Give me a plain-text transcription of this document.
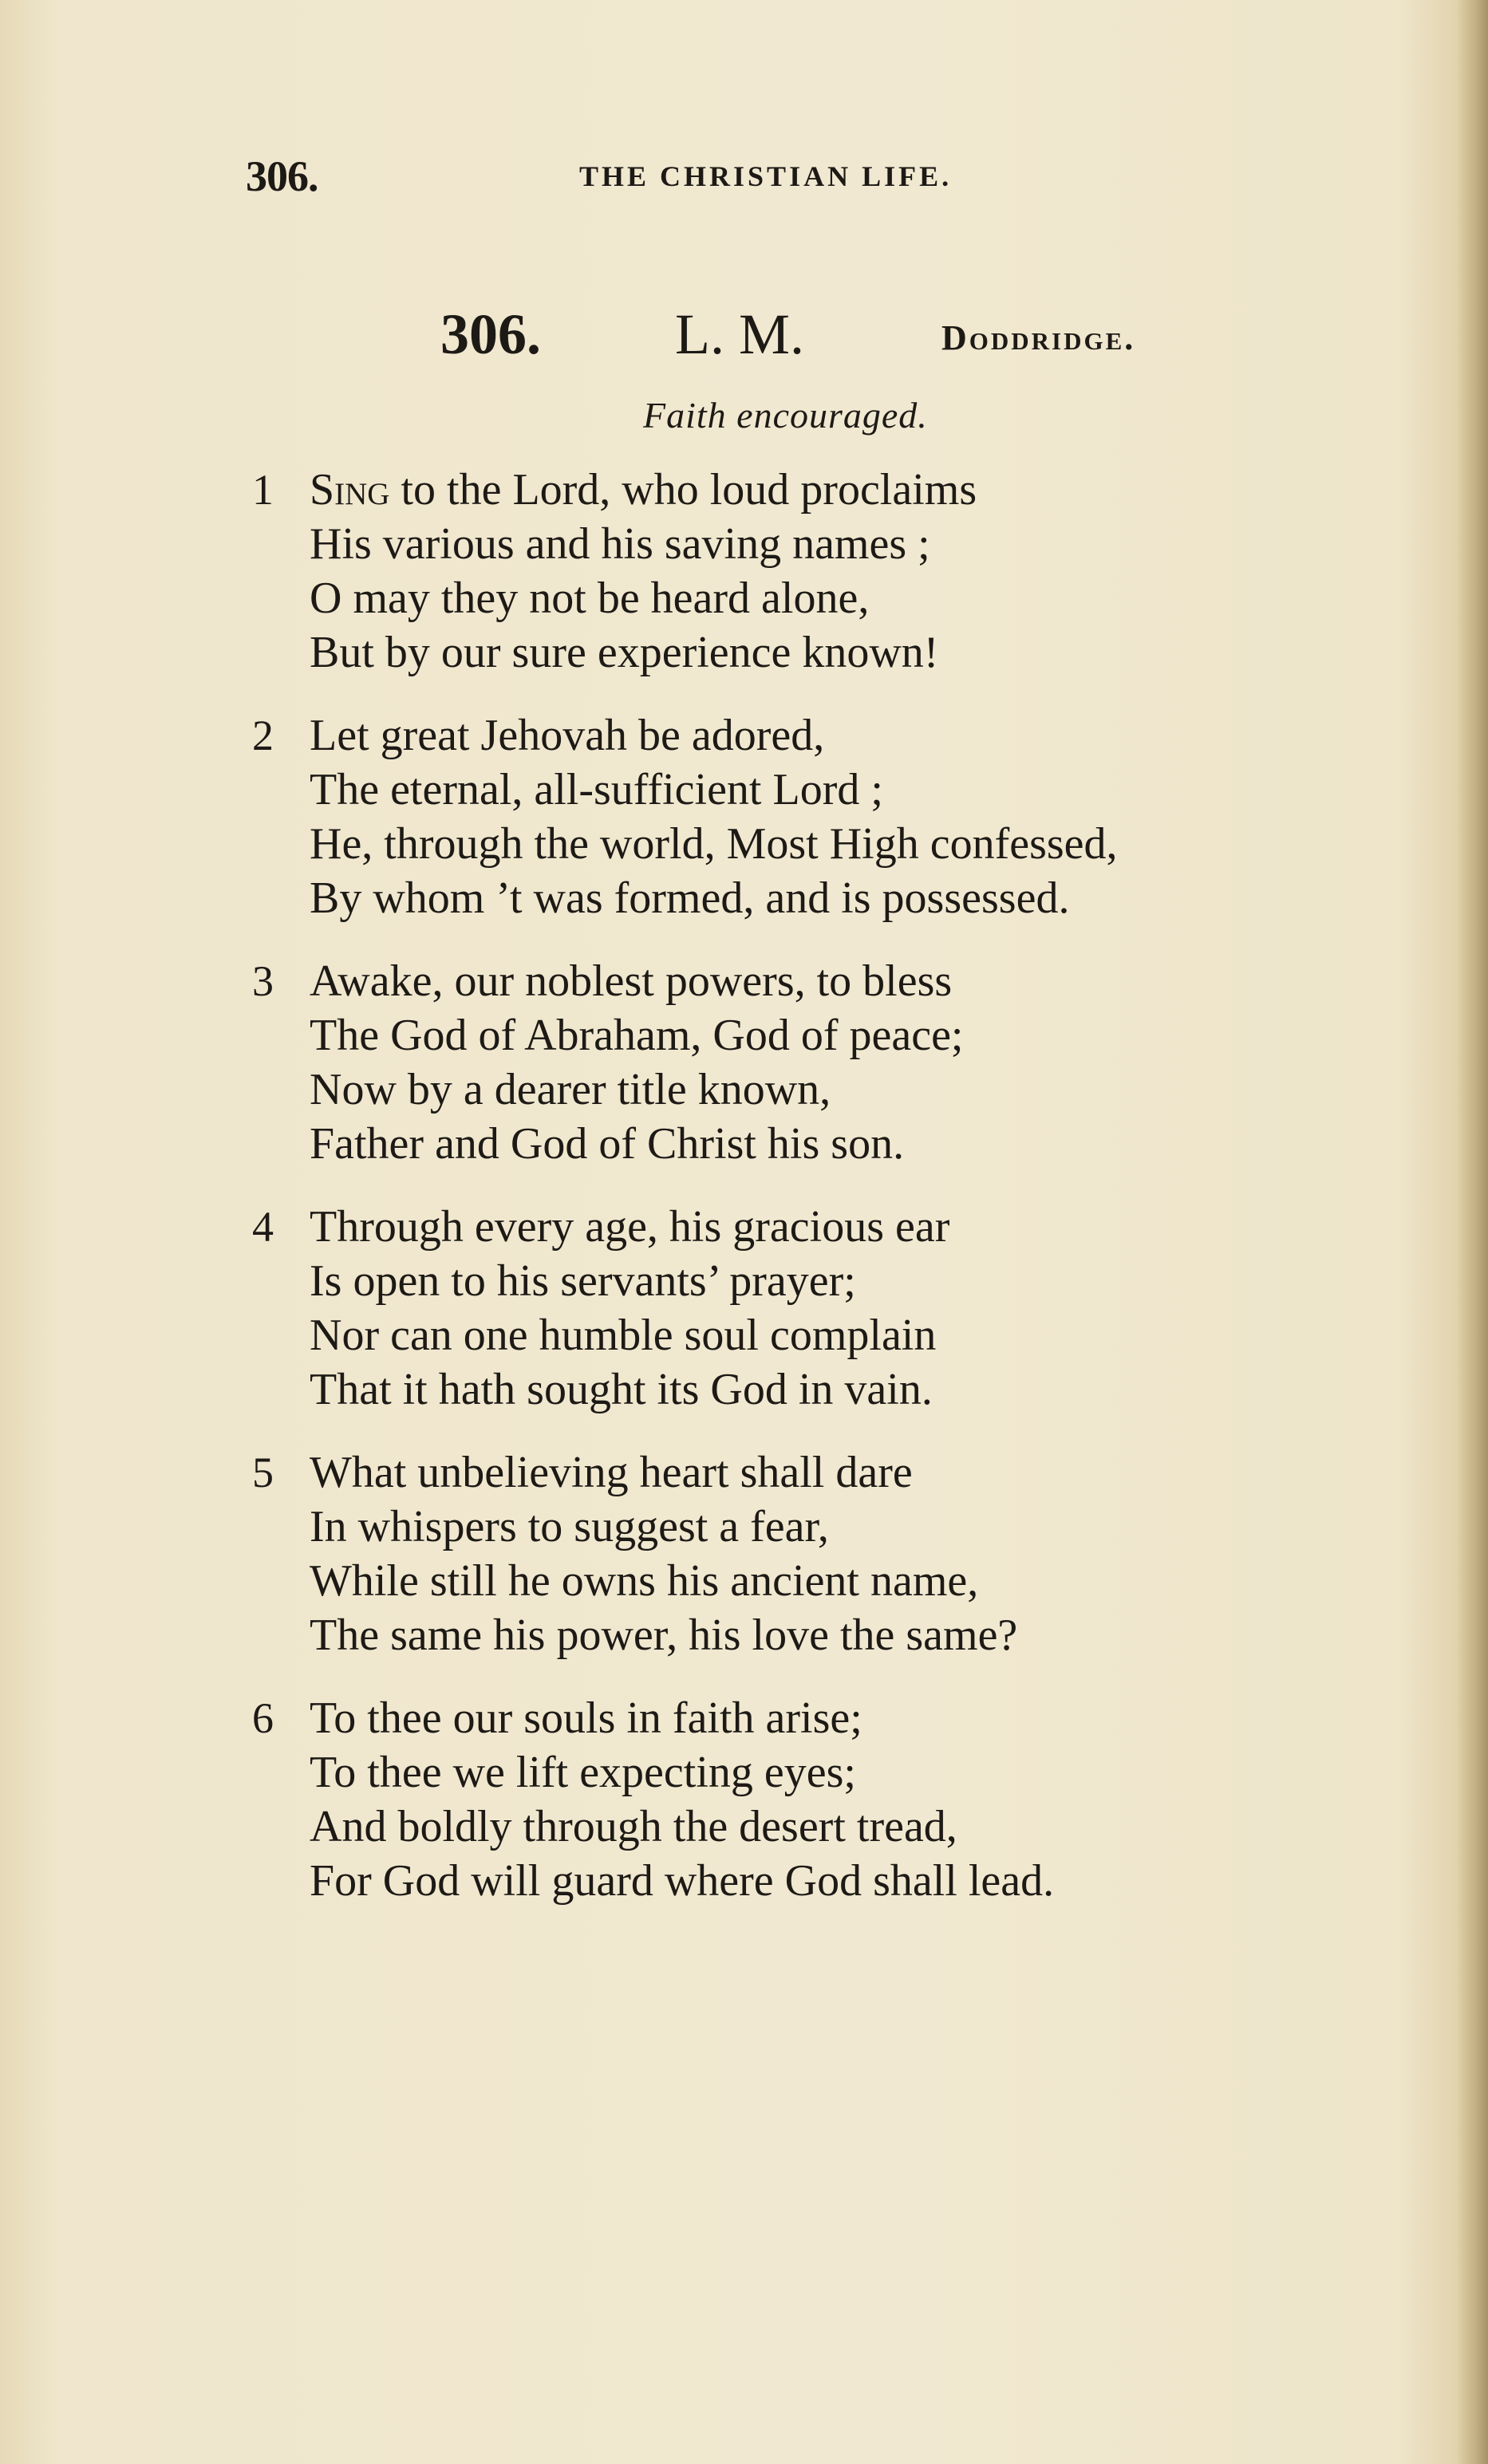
306.	THE CHRISTIAN LIFE.
306. L. M.	Doddridge.
Faith encouraged.
1 Sing to the Lord, who loud proclaims
His various and his saving names ;
O may they not be heard alone,
But by our sure experience known!
2 Let great Jehovah be adored,
The eternal, all-sufficient Lord ;
He, through the world, Most High confessed,
By whom ’t was formed, and is possessed.
3 Awake, our noblest powers, to bless
The God of Abraham, God of peace;
Now by a dearer title known,
Father and God of Christ his son.
4 Through every age, his gracious ear
Is open to his servants’ prayer;
Nor can one humble soul complain
That it hath sought its God in vain.
5 What unbelieving heart shall dare
In whispers to suggest a fear,
While still he owns his ancient name,
The same his power, his love the same?
6 To thee our souls in faith arise;
To thee we lift expecting eyes;
And boldly through the desert tread,
For God will guard where God shall lead.
